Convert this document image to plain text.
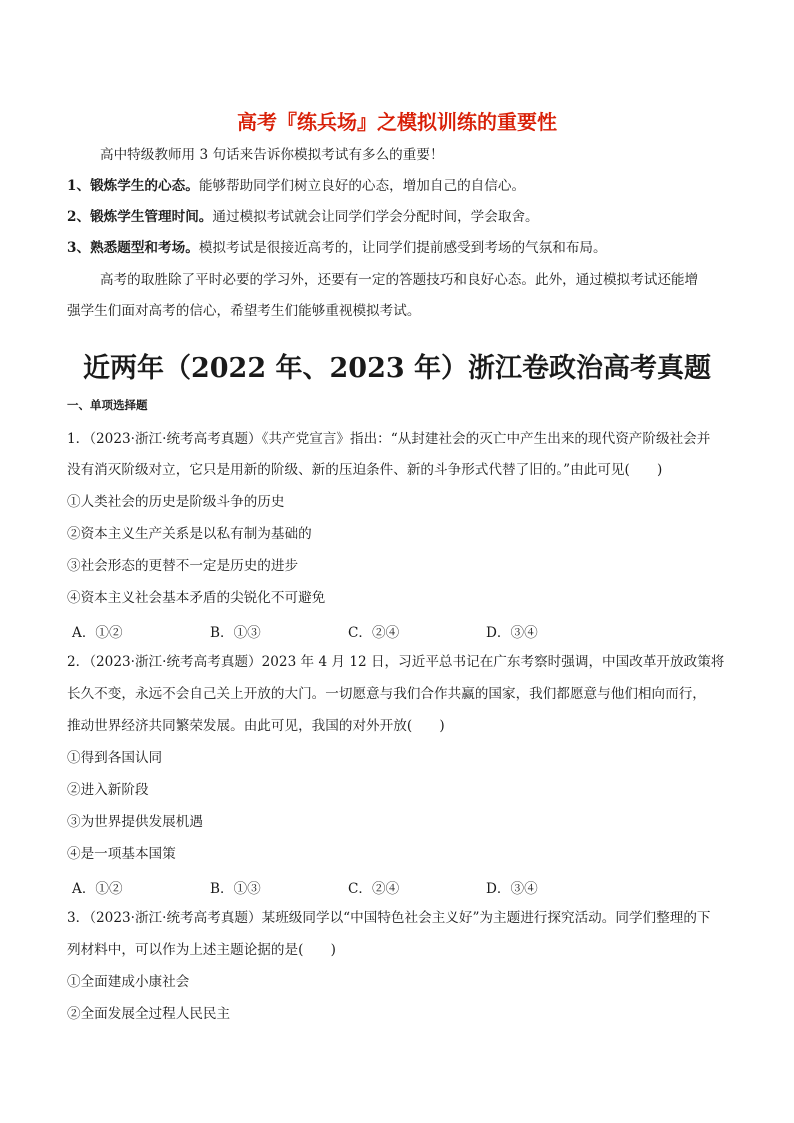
高考『练兵场』之模拟训练的重要性
高中特级教师用 3 句话来告诉你模拟考试有多么的重要！
1、锻炼学生的心态。能够帮助同学们树立良好的心态，增加自己的自信心。
2、锻炼学生管理时间。通过模拟考试就会让同学们学会分配时间，学会取舍。
3、熟悉题型和考场。模拟考试是很接近高考的，让同学们提前感受到考场的气氛和布局。
高考的取胜除了平时必要的学习外，还要有一定的答题技巧和良好心态。此外，通过模拟考试还能增
强学生们面对高考的信心，希望考生们能够重视模拟考试。
近两年（2022 年、2023 年）浙江卷政治高考真题
一、单项选择题
1．（2023·浙江·统考高考真题）《共产党宣言》指出：“从封建社会的灭亡中产生出来的现代资产阶级社会并
没有消灭阶级对立，它只是用新的阶级、新的压迫条件、新的斗争形式代替了旧的。”由此可见(　　)
①人类社会的历史是阶级斗争的历史
②资本主义生产关系是以私有制为基础的
③社会形态的更替不一定是历史的进步
④资本主义社会基本矛盾的尖锐化不可避免
A．①②	B．①③	C．②④	D．③④
2．（2023·浙江·统考高考真题）2023 年 4 月 12 日，习近平总书记在广东考察时强调，中国改革开放政策将
长久不变，永远不会自己关上开放的大门。一切愿意与我们合作共赢的国家，我们都愿意与他们相向而行，
推动世界经济共同繁荣发展。由此可见，我国的对外开放(　　)
①得到各国认同
②进入新阶段
③为世界提供发展机遇
④是一项基本国策
A．①②	B．①③	C．②④	D．③④
3．（2023·浙江·统考高考真题）某班级同学以“中国特色社会主义好”为主题进行探究活动。同学们整理的下
列材料中，可以作为上述主题论据的是(　　)
①全面建成小康社会
②全面发展全过程人民民主
